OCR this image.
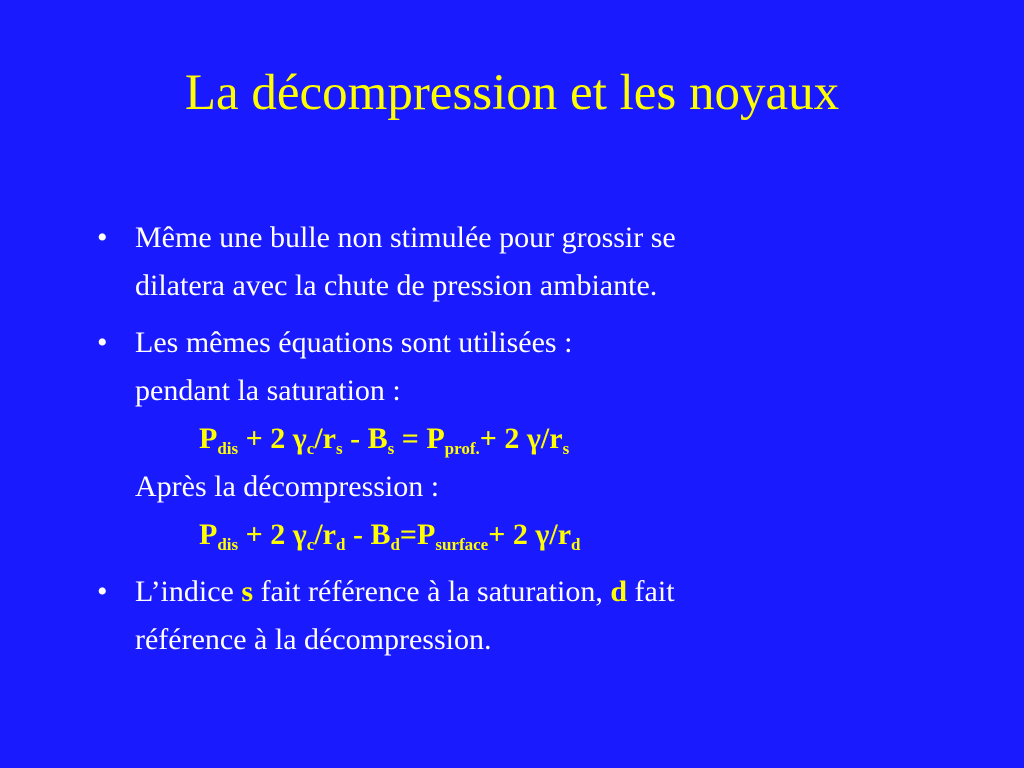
La décompression et les noyaux
• Même une bulle non stimulée pour grossir se
dilatera avec la chute de pression ambiante.
• Les mêmes équations sont utilisées :
pendant la saturation :
$P_{dis} + 2$ $\gamma_c/r_s - B_s = P_{prof.}+ 2$ $\gamma/r_s$
Après la décompression :
$P_{dis} + 2$ $\gamma_c/r_d - B_d=P_{surface}+ 2$ $\gamma/r_d$
• L’indice s fait référence à la saturation, d fait
référence à la décompression.
